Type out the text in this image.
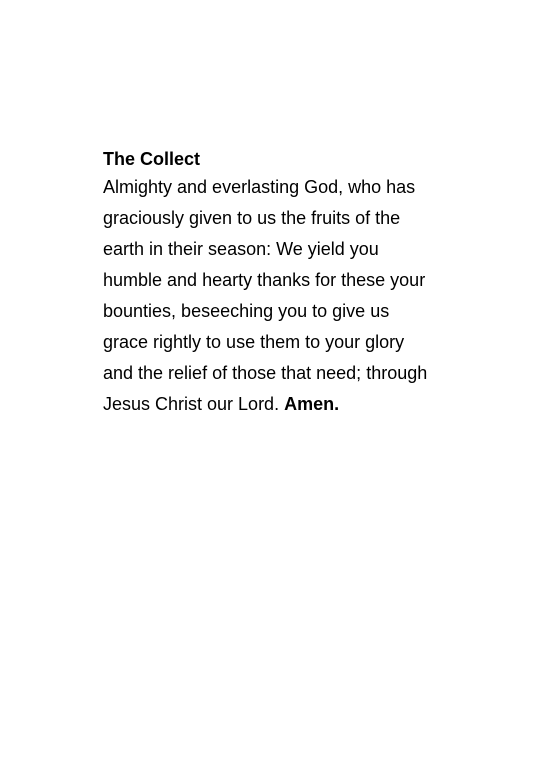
The Collect

Almighty and everlasting God, who has

graciously given to us the fruits of the

earth in their season: We yield you

humble and hearty thanks for these your

bounties, beseeching you to give us

grace rightly to use them to your glory

and the relief of those that need; through

Jesus Christ our Lord. Amen.
